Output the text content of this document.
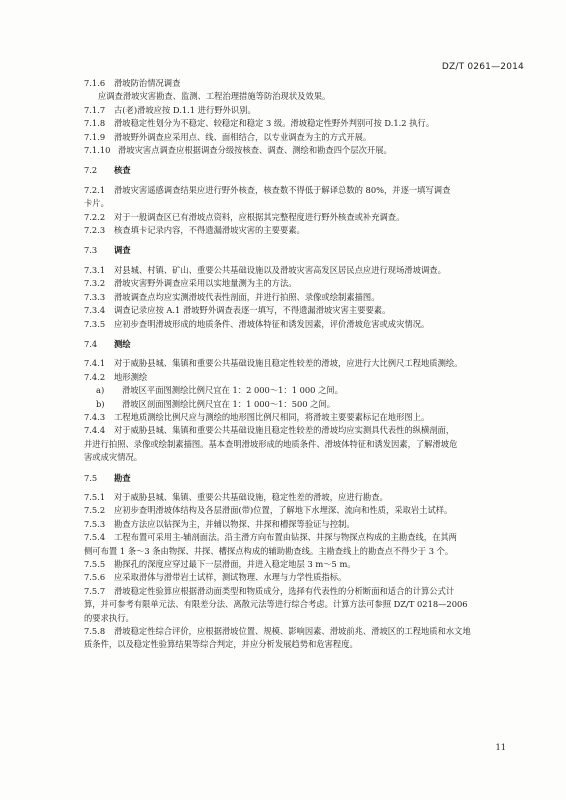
DZ/T 0261—2014
7.1.6	滑坡防治情况调查
应调查滑坡灾害勘查、监测、工程治理措施等防治现状及效果。
7.1.7	古(老)滑坡应按 D.1.1 进行野外识别。
7.1.8	滑坡稳定性划分为不稳定、较稳定和稳定 3 级。滑坡稳定性野外判别可按 D.1.2 执行。
7.1.9	滑坡野外调查应采用点、线、面相结合，以专业调查为主的方式开展。
7.1.10 滑坡灾害点调查应根据调查分级按核查、调查、测绘和勘查四个层次开展。
7.2	核查
7.2.1	滑坡灾害遥感调查结果应进行野外核查，核查数不得低于解译总数的 80%，并逐一填写调查
卡片。
7.2.2	对于一般调查区已有滑坡点资料，应根据其完整程度进行野外核查或补充调查。
7.2.3	核查填卡记录内容，不得遗漏滑坡灾害的主要要素。
7.3	调查
7.3.1	对县城、村镇、矿山、重要公共基础设施以及滑坡灾害高发区居民点应进行现场滑坡调查。
7.3.2	滑坡灾害野外调查应采用以实地量测为主的方法。
7.3.3	滑坡调查点均应实测滑坡代表性剖面，并进行拍照、录像或绘制素描图。
7.3.4	调查记录应按 A.1 滑坡野外调查表逐一填写，不得遗漏滑坡灾害主要要素。
7.3.5	应初步查明滑坡形成的地质条件、滑坡体特征和诱发因素，评价滑坡危害或成灾情况。
7.4	测绘
7.4.1	对于威胁县城、集镇和重要公共基础设施且稳定性较差的滑坡，应进行大比例尺工程地质测绘。
7.4.2	地形测绘
a)	滑坡区平面图测绘比例尺宜在 1：2 000～1：1 000 之间。
b)	滑坡区剖面图测绘比例尺宜在 1：1 000～1：500 之间。
7.4.3	工程地质测绘比例尺应与测绘的地形图比例尺相同，将滑坡主要要素标记在地形图上。
7.4.4	对于威胁县城、集镇和重要公共基础设施且稳定性较差的滑坡均应实测具代表性的纵横剖面，
并进行拍照、录像或绘制素描图。基本查明滑坡形成的地质条件、滑坡体特征和诱发因素，了解滑坡危
害或成灾情况。
7.5	勘查
7.5.1	对于威胁县城、集镇、重要公共基础设施，稳定性差的滑坡，应进行勘查。
7.5.2	应初步查明滑坡体结构及各层滑面(带)位置，了解地下水埋深、流向和性质，采取岩土试样。
7.5.3	勘查方法应以钻探为主，并辅以物探、井探和槽探等验证与控制。
7.5.4	工程布置可采用主-辅剖面法。沿主滑方向布置由钻探、井探与物探点构成的主勘查线，在其两
侧可布置 1 条～3 条由物探、井探、槽探点构成的辅助勘查线。主勘查线上的勘查点不得少于 3 个。
7.5.5	勘探孔的深度应穿过最下一层滑面，并进入稳定地层 3 m～5 m。
7.5.6	应采取滑体与滑带岩土试样，测试物理、水理与力学性质指标。
7.5.7	滑坡稳定性验算应根据滑动面类型和物质成分，选择有代表性的分析断面和适合的计算公式计
算，并可参考有限单元法、有限差分法、离散元法等进行综合考虑。计算方法可参照 DZ/T 0218—2006
的要求执行。
7.5.8	滑坡稳定性综合评价，应根据滑坡位置、规模、影响因素、滑坡前兆、滑坡区的工程地质和水文地
质条件，以及稳定性验算结果等综合判定，并应分析发展趋势和危害程度。
11
